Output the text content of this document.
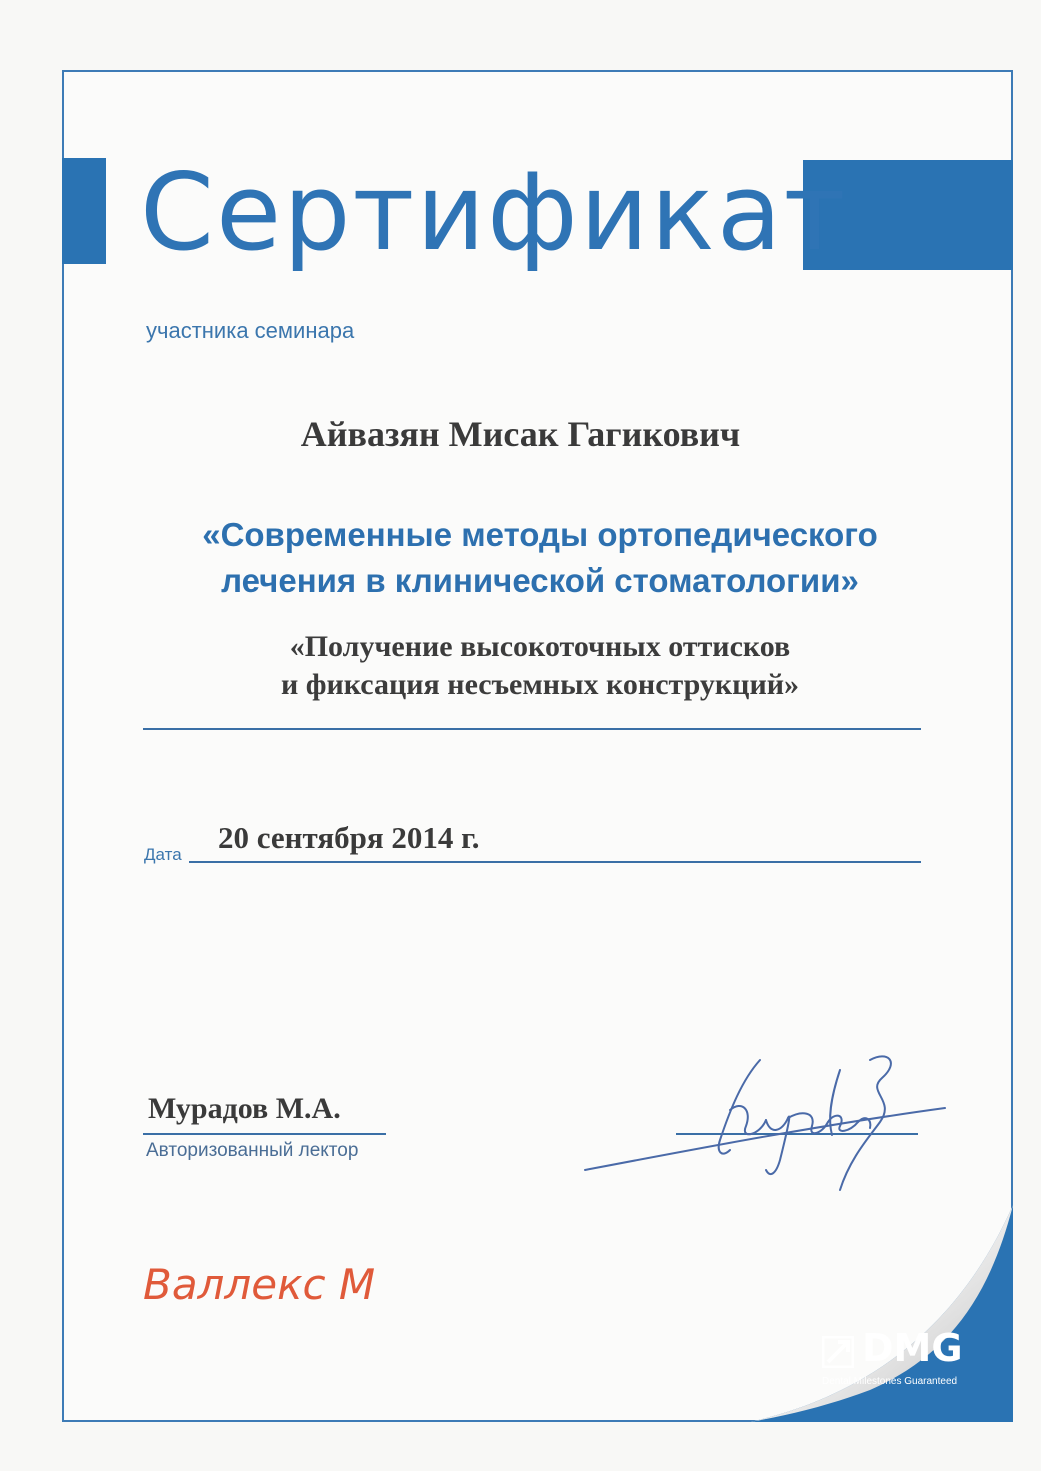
Сертификат
участника семинара
Айвазян Мисак Гагикович
«Современные методы ортопедического
лечения в клинической стоматологии»
«Получение высокоточных оттисков
и фиксация несъемных конструкций»
Дата 20 сентября 2014 г.
Мурадов М.А.
Авторизованный лектор
Валлекс М
DMG
Dental Milestones Guaranteed
